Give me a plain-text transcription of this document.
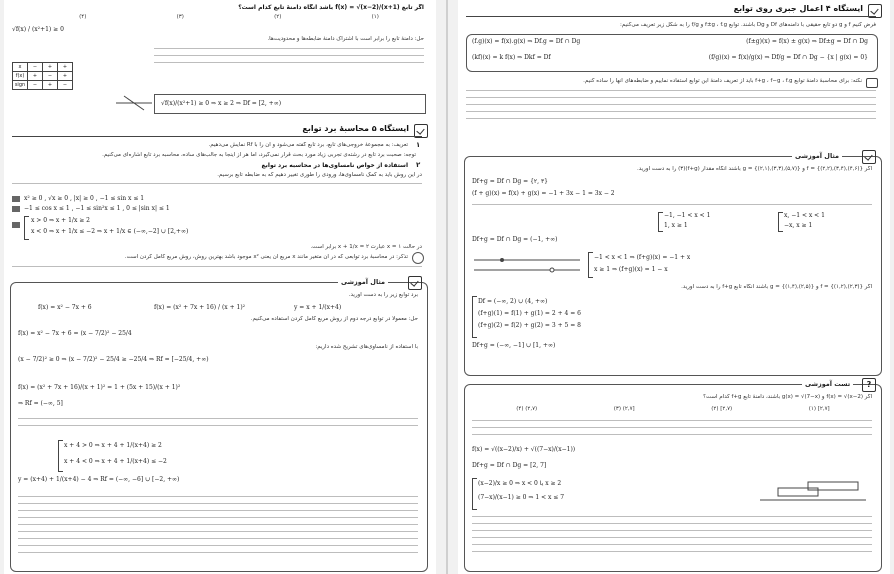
اگر تابع f(x) = √(x−2)/(x+1) باشد آنگاه دامنهٔ تابع کدام است؟
(۴)	(۳)	(۲)	(۱)
√f(x) / (x²+1) ≥ 0
حل: دامنهٔ تابع را برابر است با اشتراک دامنهٔ ضابطه‌ها و محدودیت‌ها.
x	−	+	+
f(x)	+	−	+
sign	−	+	−
√f(x)/(x²+1) ≥ 0 ⇒ x ≥ 2 ⇒ Df = [2, +∞)
ایستگاه ۵ محاسبهٔ برد توابع
تعریف: به مجموعهٔ خروجی‌های تابع، برد تابع گفته می‌شود و آن را با Rf نمایش می‌دهیم.	۱
توجه: صحبت برد تابع در رشته‌ی تجربی زیاد مورد بحث قرار نمی‌گیرد، اما هر از اینجا به جالب‌های ساده، محاسبه برد تابع اشاره‌ای می‌کنیم.
استفاده از خواص نامساوی‌ها در محاسبه برد توابع ۲
در این روش باید به کمک نامساوی‌ها، ورودی را طوری تغییر دهیم که به ضابطه تابع برسیم.
x² ≥ 0 , √x ≥ 0 , |x| ≥ 0 , −1 ≤ sin x ≤ 1
−1 ≤ cos x ≤ 1 , −1 ≤ sin²x ≤ 1 , 0 ≤ |sin x| ≤ 1
x > 0 ⇒ x + 1/x ≥ 2
x < 0 ⇒ x + 1/x ≤ −2 ⇒ x + 1/x ∈ (−∞,−2] ∪ [2,+∞)
در حالت ۱ = x عبارت ۲ = x + 1/x برابر است.
تذکر: در محاسبهٔ برد توابعی که در آن متغیر مانند x مربع آن یعنی x² موجود باشد بهترین روش، روش مربع کامل کردن است.
مثال آموزشی
برد توابع زیر را به دست آورید.
f(x) = x² − 7x + 6	f(x) = (x² + 7x + 16) / (x + 1)²	y = x + 1/(x+4)
حل: معمولاً در توابع درجه دوم از روش مربع کامل کردن استفاده می‌کنیم.
f(x) = x² − 7x + 6 = (x − 7/2)² − 25/4
با استفاده از نامساوی‌های تشریح شده داریم:
(x − 7/2)² ≥ 0 ⇒ (x − 7/2)² − 25/4 ≥ −25/4 ⇒ Rf = [−25/4, +∞)
f(x) = (x² + 7x + 16)/(x + 1)² = 1 + (5x + 15)/(x + 1)²
⇒ Rf = (−∞, 5]
x + 4 > 0 ⇒ x + 4 + 1/(x+4) ≥ 2
x + 4 < 0 ⇒ x + 4 + 1/(x+4) ≤ −2
y = (x+4) + 1/(x+4) − 4 ⇒ Rf = (−∞, −6] ∪ [−2, +∞)
ایستگاه ۴ اعمال جبری روی توابع
فرض کنیم f و g دو تابع حقیقی با دامنه‌های Df و Dg باشند. توابع f±g ، f.g و f/g را به شکل زیر تعریف می‌کنیم:
(f±g)(x) = f(x) ± g(x) ⇒ Df±g = Df ∩ Dg
(f.g)(x) = f(x).g(x) ⇒ Df.g = Df ∩ Dg
(f/g)(x) = f(x)/g(x) ⇒ Df/g = Df ∩ Dg − {x | g(x) = 0}
(kf)(x) = k f(x) ⇒ Dkf = Df
نکته: برای محاسبهٔ دامنهٔ توابع f+g ، f−g ، f.g باید از تعریف دامنهٔ این توابع استفاده نماییم و ضابطه‌های آنها را ساده کنیم.
مثال آموزشی
اگر f = {(۲,۲),(۳,۴),(۴,۶)} و g = {(۲,۱),(۳,۳),(۵,۷)} باشند آنگاه مقدار (f+g)(۳) را به دست آورید.
Df+g = Df ∩ Dg = {۲, ۳}
(f + g)(x) = f(x) + g(x) = −1 + 3x − 1 = 3x − 2
−1, −1 < x < 1
1, x ≥ 1
x, −1 < x < 1
−x, x ≥ 1
Df+g = Df ∩ Dg = (−1, +∞)
−1 < x < 1 ⇒ (f+g)(x) = −1 + x
x ≥ 1 ⇒ (f+g)(x) = 1 − x
اگر f = {(۱,۲),(۲,۳)} و g = {(۱,۴),(۲,۵)} باشند آنگاه تابع f+g را به دست آورید.
Df = (−∞, 2) ∪ (4, +∞)
(f+g)(1) = f(1) + g(1) = 2 + 4 = 6
(f+g)(2) = f(2) + g(2) = 3 + 5 = 8
Df+g = (−∞, −1] ∪ [1, +∞)
?
تست آموزشی
اگر f(x) = √(x−2) و g(x) = √(7−x) باشند، دامنهٔ تابع f+g کدام است؟
(۴) (۲,۷)	(۳) (۲,۷]	(۲) [۲,۷)	(۱) [۲,۷]
f(x) = √((x−2)/x) + √((7−x)/(x−1))
Df+g = Df ∩ Dg = [2, 7]
(x−2)/x ≥ 0 ⇒ x < 0 یا x ≥ 2
(7−x)/(x−1) ≥ 0 ⇒ 1 < x ≤ 7
